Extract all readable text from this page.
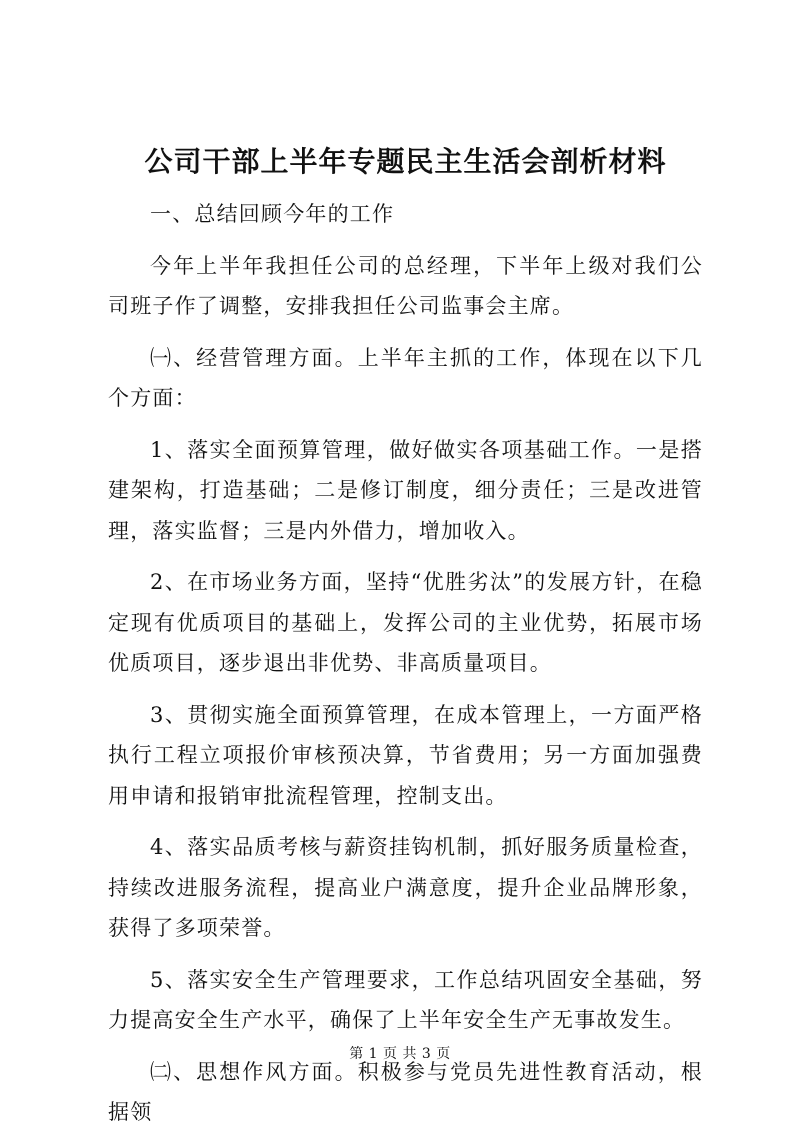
公司干部上半年专题民主生活会剖析材料

一、总结回顾今年的工作

今年上半年我担任公司的总经理，下半年上级对我们公司班子作了调整，安排我担任公司监事会主席。

㈠、经营管理方面。上半年主抓的工作，体现在以下几个方面：

1、落实全面预算管理，做好做实各项基础工作。一是搭建架构，打造基础；二是修订制度，细分责任；三是改进管理，落实监督；三是内外借力，增加收入。

2、在市场业务方面，坚持“优胜劣汰”的发展方针，在稳定现有优质项目的基础上，发挥公司的主业优势，拓展市场优质项目，逐步退出非优势、非高质量项目。

3、贯彻实施全面预算管理，在成本管理上，一方面严格执行工程立项报价审核预决算，节省费用；另一方面加强费用申请和报销审批流程管理，控制支出。

4、落实品质考核与薪资挂钩机制，抓好服务质量检查，持续改进服务流程，提高业户满意度，提升企业品牌形象，获得了多项荣誉。

5、落实安全生产管理要求，工作总结巩固安全基础，努力提高安全生产水平，确保了上半年安全生产无事故发生。

㈡、思想作风方面。积极参与党员先进性教育活动，根据领

第 1 页 共 3 页
